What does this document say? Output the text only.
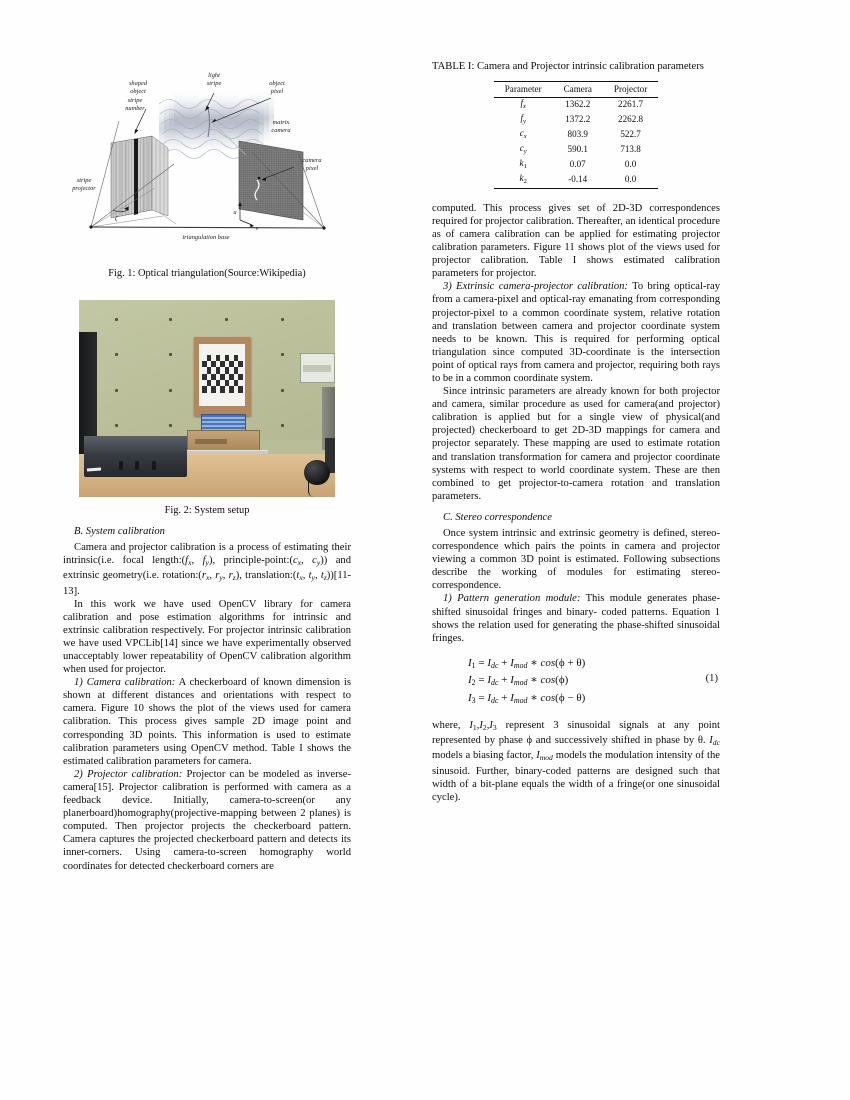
shaped
object
light
stripe	object
pixel
stripe
number
matrix
camera
camera
pixel
stripe
projector
triangulation base
u
v
ζ
Fig. 1: Optical triangulation(Source:Wikipedia)
Fig. 2: System setup
B. System calibration

Camera and projector calibration is a process of estimating their intrinsic(i.e. focal $length:(f_x$, $f_y$), principle-$point:(c_x$, $c_y$)) and extrinsic geometry(i.e. $rotation:(r_x$, $r_y$, $r_z$), $translation:(t_x$, $t_y$, $t_z))[11-13]$.

In this work we have used OpenCV library for camera calibration and pose estimation algorithms for intrinsic and extrinsic calibration respectively. For projector intrinsic calibration we have used VPCLib[14] since we have experimentally observed unacceptably lower repeatability of OpenCV calibration algorithm when used for projector.

1) Camera calibration: A checkerboard of known dimension is shown at different distances and orientations with respect to camera. Figure 10 shows the plot of the views used for camera calibration. This process gives sample 2D image point and corresponding 3D points. This information is used to estimate calibration parameters using OpenCV method. Table I shows the estimated calibration parameters for camera.

2) Projector calibration: Projector can be modeled as inverse-camera[15]. Projector calibration is performed with camera as a feedback device. Initially, camera-to-screen(or any planerboard)homography(projective-mapping between 2 planes) is computed. Then projector projects the checkerboard pattern. Camera captures the projected checkerboard pattern and detects its inner-corners. Using camera-to-screen homography world coordinates for detected checkerboard corners are

TABLE I: Camera and Projector intrinsic calibration parameters
Parameter	Camera	Projector
$f_x$	1362.2	2261.7
$f_y$	1372.2	2262.8
$c_x$	803.9	522.7
$c_y$	590.1	713.8
$k_1$	0.07	0.0
$k_2$	-0.14	0.0

computed. This process gives set of 2D-3D correspondences required for projector calibration. Thereafter, an identical procedure as of camera calibration can be applied for estimating projector calibration parameters. Figure 11 shows plot of the views used for projector calibration. Table I shows estimated calibration parameters for projector.

3) Extrinsic camera-projector calibration: To bring optical-ray from a camera-pixel and optical-ray emanating from corresponding projector-pixel to a common coordinate system, relative rotation and translation between camera and projector coordinate system needs to be known. This is required for performing optical triangulation since computed 3D-coordinate is the intersection point of optical rays from camera and projector, requiring both rays to be in a common coordinate system.

Since intrinsic parameters are already known for both projector and camera, similar procedure as used for camera(and projector) calibration is applied but for a single view of physical(and projected) checkerboard to get 2D-3D mappings for camera and projector separately. These mapping are used to estimate rotation and translation transformation for camera and projector coordinate systems with respect to world coordinate system. These are then combined to get projector-to-camera rotation and translation parameters.

C. Stereo correspondence

Once system intrinsic and extrinsic geometry is defined, stereo-correspondence which pairs the points in camera and projector viewing a common 3D point is estimated. Following subsections describe the working of modules for estimating stereo-correspondence.

1) Pattern generation module: This module generates phase-shifted sinusoidal fringes and binary- coded patterns. Equation 1 shows the relation used for generating the phase-shifted sinusoidal fringes.

$I_1 = I_{dc} + I_{mod}$ ∗ cos(ϕ + θ)
$I_2 = I_{dc} + I_{mod}$ ∗ cos(ϕ)
$I_3 = I_{dc} + I_{mod}$ ∗ cos(ϕ − θ)
(1)

where, $I_1,I_2,I_3$ represent 3 sinusoidal signals at any point represented by phase ϕ and successively shifted in phase by θ. $I_{dc}$ models a biasing factor, $I_{mod}$ models the modulation intensity of the sinusoid. Further, binary-coded patterns are designed such that width of a bit-plane equals the width of a fringe(or one sinusoidal cycle).
